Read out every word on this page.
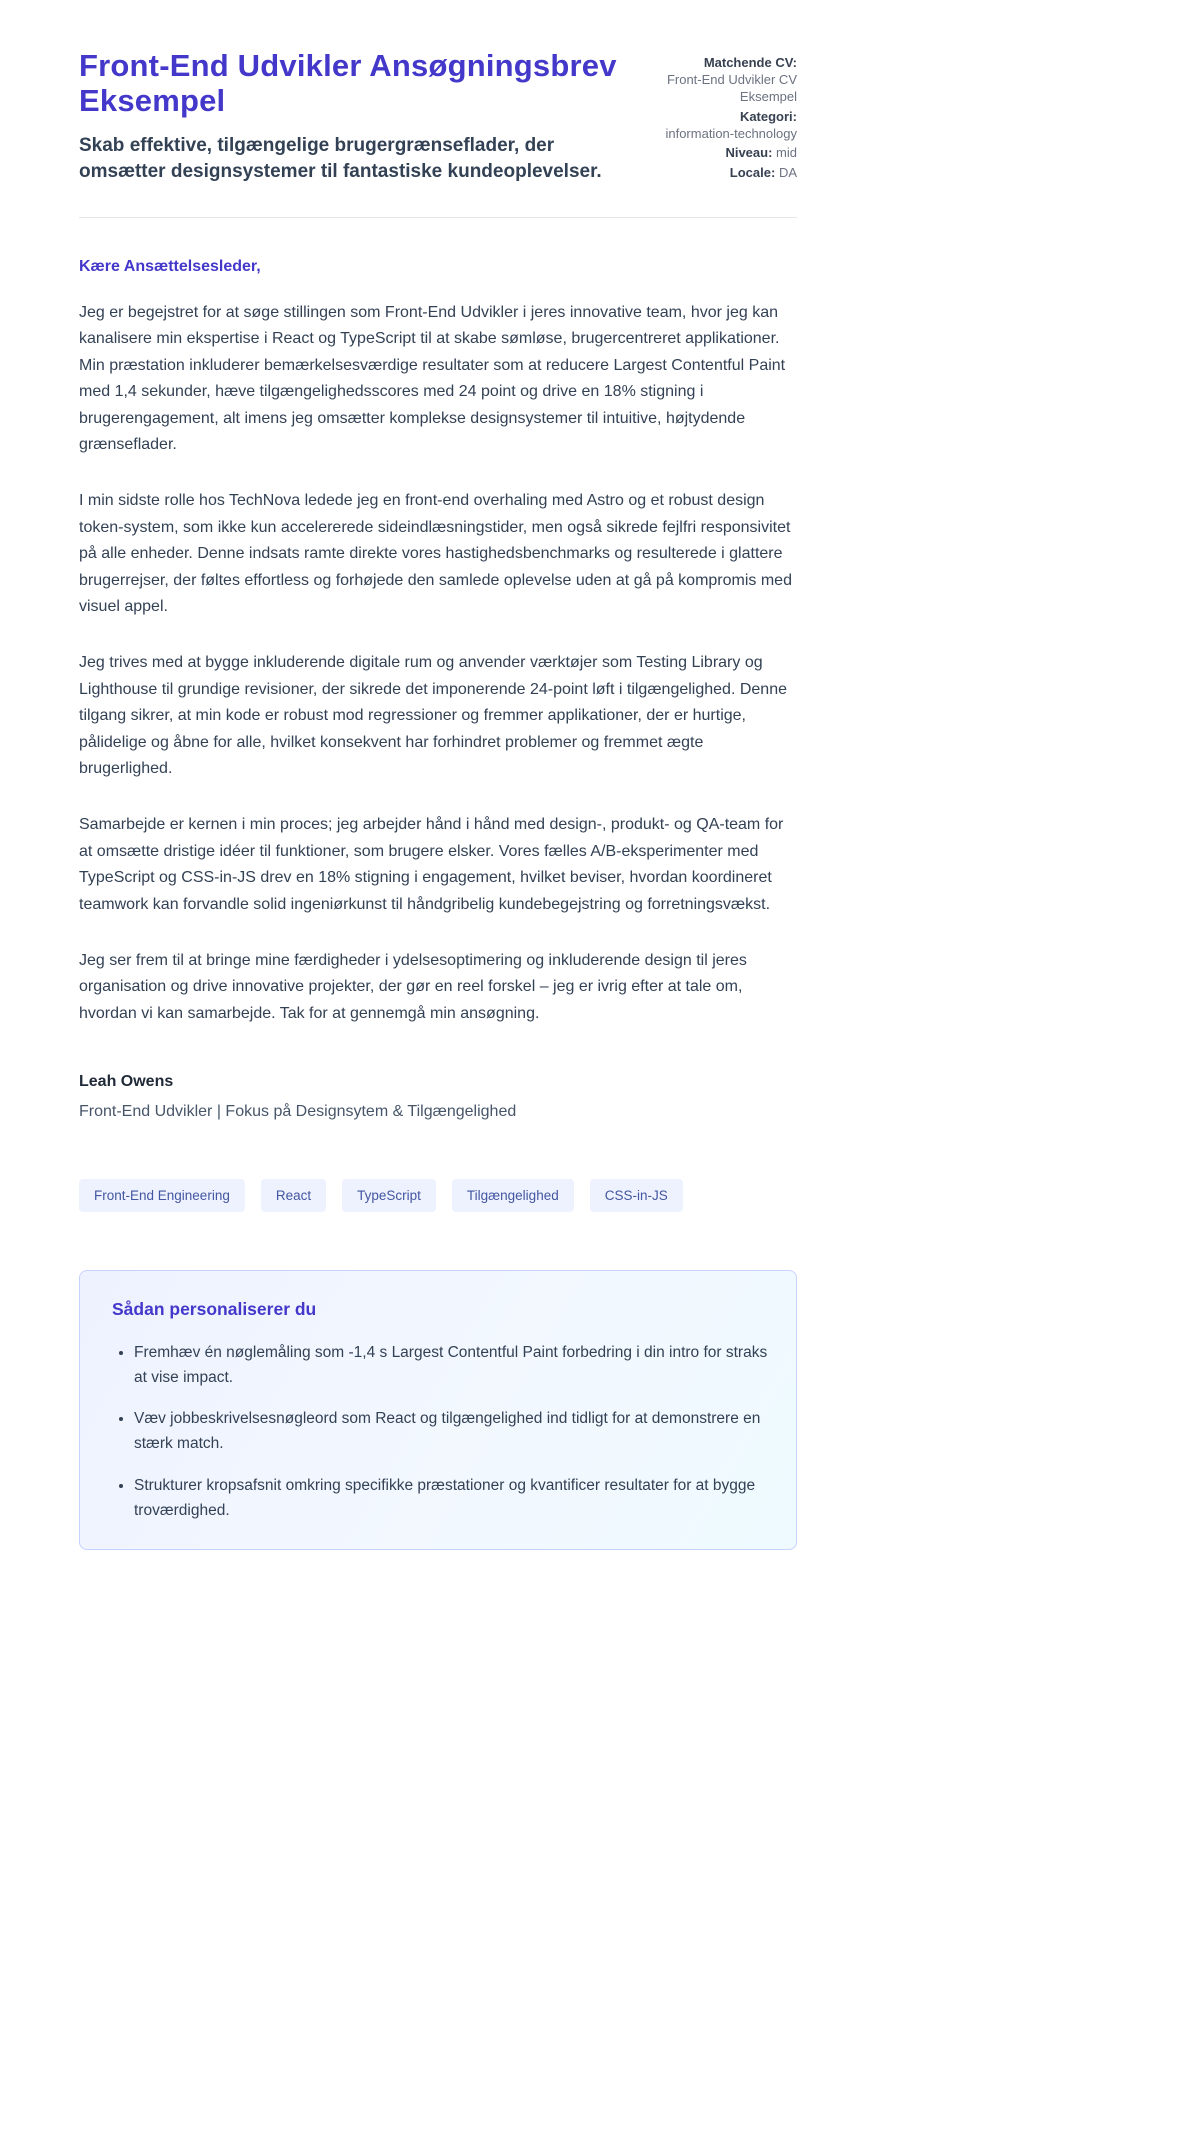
Front-End Udvikler Ansøgningsbrev Eksempel

Skab effektive, tilgængelige brugergrænseflader, der omsætter designsystemer til fantastiske kundeoplevelser.

Matchende CV:
Front-End Udvikler CV Eksempel
Kategori:
information-technology
Niveau: mid
Locale: DA

Kære Ansættelsesleder,

Jeg er begejstret for at søge stillingen som Front-End Udvikler i jeres innovative team, hvor jeg kan kanalisere min ekspertise i React og TypeScript til at skabe sømløse, brugercentreret applikationer. Min præstation inkluderer bemærkelsesværdige resultater som at reducere Largest Contentful Paint med 1,4 sekunder, hæve tilgængelighedsscores med 24 point og drive en 18% stigning i brugerengagement, alt imens jeg omsætter komplekse designsystemer til intuitive, højtydende grænseflader.

I min sidste rolle hos TechNova ledede jeg en front-end overhaling med Astro og et robust design token-system, som ikke kun accelererede sideindlæsningstider, men også sikrede fejlfri responsivitet på alle enheder. Denne indsats ramte direkte vores hastighedsbenchmarks og resulterede i glattere brugerrejser, der føltes effortless og forhøjede den samlede oplevelse uden at gå på kompromis med visuel appel.

Jeg trives med at bygge inkluderende digitale rum og anvender værktøjer som Testing Library og Lighthouse til grundige revisioner, der sikrede det imponerende 24-point løft i tilgængelighed. Denne tilgang sikrer, at min kode er robust mod regressioner og fremmer applikationer, der er hurtige, pålidelige og åbne for alle, hvilket konsekvent har forhindret problemer og fremmet ægte brugerlighed.

Samarbejde er kernen i min proces; jeg arbejder hånd i hånd med design-, produkt- og QA-team for at omsætte dristige idéer til funktioner, som brugere elsker. Vores fælles A/B-eksperimenter med TypeScript og CSS-in-JS drev en 18% stigning i engagement, hvilket beviser, hvordan koordineret teamwork kan forvandle solid ingeniørkunst til håndgribelig kundebegejstring og forretningsvækst.

Jeg ser frem til at bringe mine færdigheder i ydelsesoptimering og inkluderende design til jeres organisation og drive innovative projekter, der gør en reel forskel – jeg er ivrig efter at tale om, hvordan vi kan samarbejde. Tak for at gennemgå min ansøgning.

Leah Owens

Front-End Udvikler | Fokus på Designsytem & Tilgængelighed

Front-End Engineering	React	TypeScript	Tilgængelighed	CSS-in-JS
Sådan personaliserer du
• Fremhæv én nøglemåling som -1,4 s Largest Contentful Paint forbedring i din intro for straks at vise impact.
• Væv jobbeskrivelsesnøgleord som React og tilgængelighed ind tidligt for at demonstrere en stærk match.
• Strukturer kropsafsnit omkring specifikke præstationer og kvantificer resultater for at bygge troværdighed.
